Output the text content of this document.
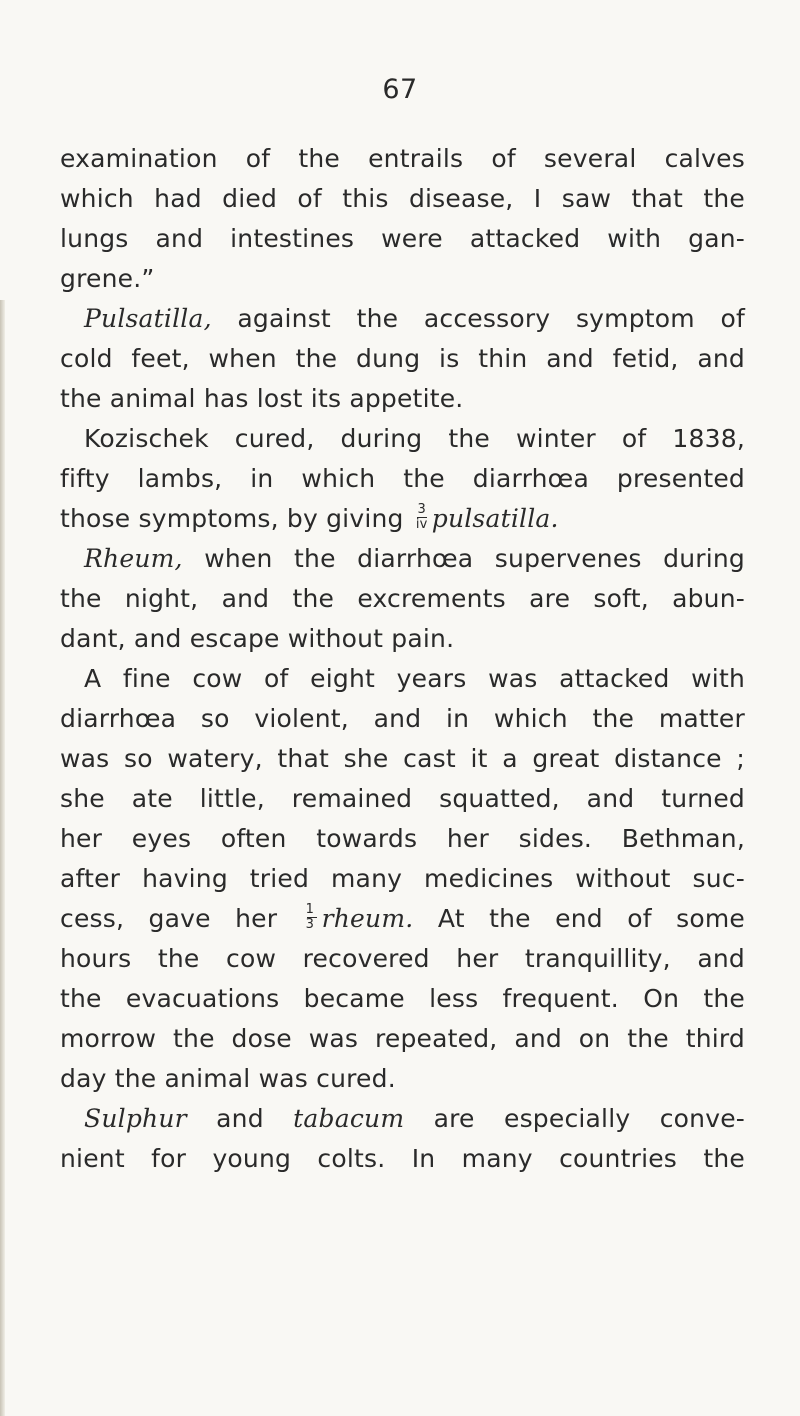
67
examination of the entrails of several calves
which had died of this disease, I saw that the
lungs and intestines were attacked with gan-
grene.”
Pulsatilla, against the accessory symptom of
cold feet, when the dung is thin and fetid, and
the animal has lost its appetite.
Kozischek cured, during the winter of 1838,
fifty lambs, in which the diarrhœa presented
those symptoms, by giving $\frac{3}{iv}$ pulsatilla.
Rheum, when the diarrhœa supervenes during
the night, and the excrements are soft, abun-
dant, and escape without pain.
A fine cow of eight years was attacked with
diarrhœa so violent, and in which the matter
was so watery, that she cast it a great distance ;
she ate little, remained squatted, and turned
her eyes often towards her sides. Bethman,
after having tried many medicines without suc-
cess, gave her $\frac{1}{3}$ rheum. At the end of some
hours the cow recovered her tranquillity, and
the evacuations became less frequent. On the
morrow the dose was repeated, and on the third
day the animal was cured.
Sulphur and tabacum are especially conve-
nient for young colts. In many countries the
